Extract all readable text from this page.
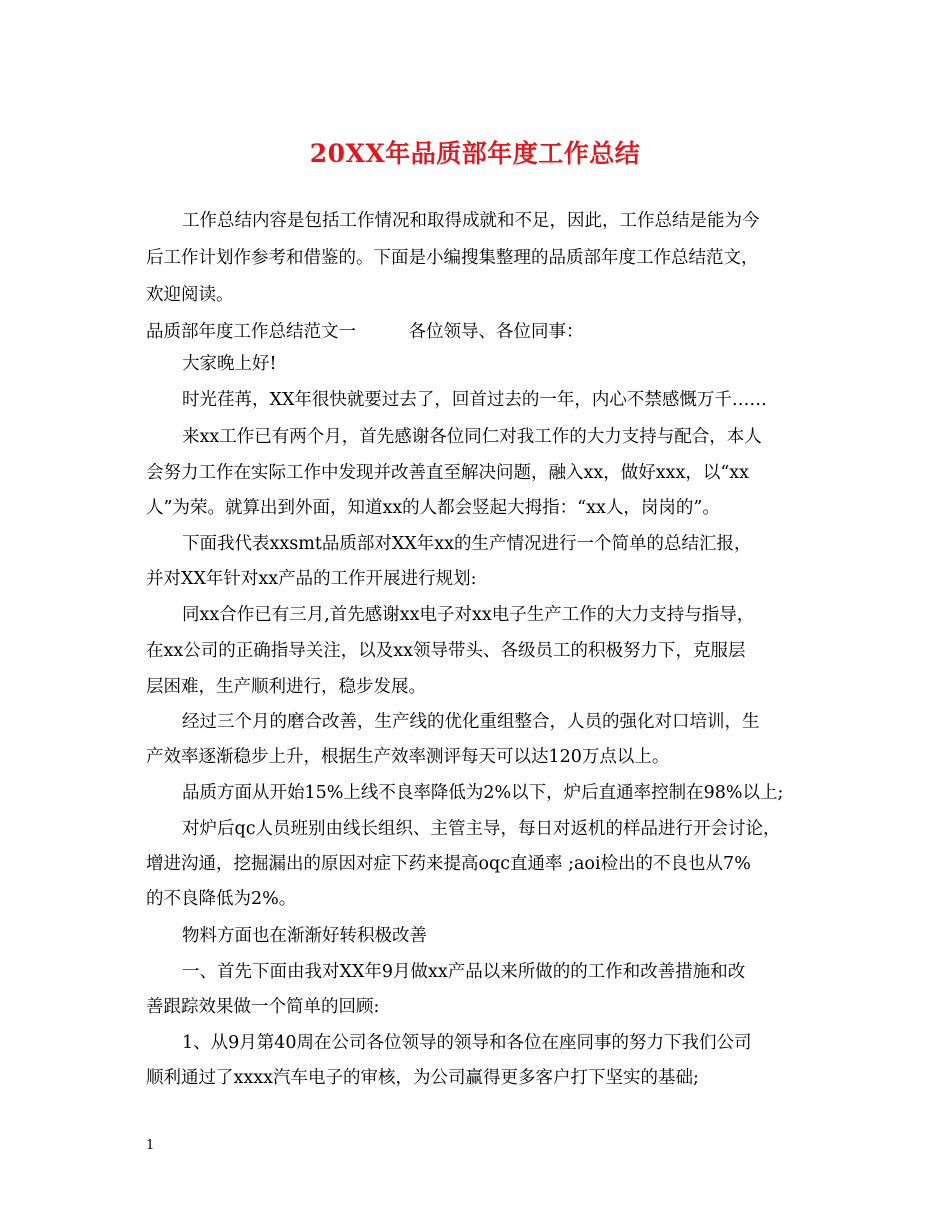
20XX年品质部年度工作总结
工作总结内容是包括工作情况和取得成就和不足，因此，工作总结是能为今
后工作计划作参考和借鉴的。下面是小编搜集整理的品质部年度工作总结范文，
欢迎阅读。
品质部年度工作总结范文一　　　各位领导、各位同事：
大家晚上好!
时光荏苒，XX年很快就要过去了，回首过去的一年，内心不禁感慨万千……
来xx工作已有两个月，首先感谢各位同仁对我工作的大力支持与配合，本人
会努力工作在实际工作中发现并改善直至解决问题，融入xx，做好xxx，以“xx
人”为荣。就算出到外面，知道xx的人都会竖起大拇指：“xx人，岗岗的”。
下面我代表xxsmt品质部对XX年xx的生产情况进行一个简单的总结汇报，
并对XX年针对xx产品的工作开展进行规划:
同xx合作已有三月,首先感谢xx电子对xx电子生产工作的大力支持与指导，
在xx公司的正确指导关注，以及xx领导带头、各级员工的积极努力下，克服层
层困难，生产顺利进行，稳步发展。
经过三个月的磨合改善，生产线的优化重组整合，人员的强化对口培训，生
产效率逐渐稳步上升，根据生产效率测评每天可以达120万点以上。
品质方面从开始15%上线不良率降低为2%以下，炉后直通率控制在98%以上;
对炉后qc人员班别由线长组织、主管主导，每日对返机的样品进行开会讨论，
增进沟通，挖掘漏出的原因对症下药来提高oqc直通率 ;aoi检出的不良也从7%
的不良降低为2%。
物料方面也在渐渐好转积极改善
一、首先下面由我对XX年9月做xx产品以来所做的的工作和改善措施和改
善跟踪效果做一个简单的回顾:
1、从9月第40周在公司各位领导的领导和各位在座同事的努力下我们公司
顺利通过了xxxx汽车电子的审核，为公司赢得更多客户打下坚实的基础;
1
